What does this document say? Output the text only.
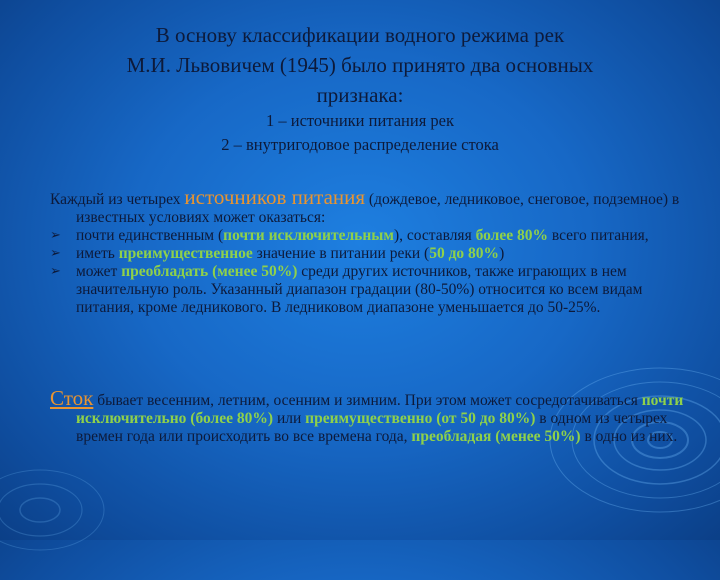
В основу классификации водного режима рек
М.И. Львовичем (1945) было принято два основных
признака:
1 – источники питания рек
2 – внутригодовое распределение стока
Каждый из четырех источников питания (дождевое, ледниковое, снеговое, подземное) в известных условиях может оказаться:
➢ почти единственным (почти исключительным), составляя более 80% всего питания,
➢ иметь преимущественное значение в питании реки (50 до 80%)
➢ может преобладать (менее 50%) среди других источников, также играющих в нем значительную роль. Указанный диапазон градации (80-50%) относится ко всем видам питания, кроме ледникового. В ледниковом диапазоне уменьшается до 50-25%.
Сток бывает весенним, летним, осенним и зимним. При этом может сосредотачиваться почти исключительно (более 80%) или преимущественно (от 50 до 80%) в одном из четырех времен года или происходить во все времена года, преобладая (менее 50%) в одно из них.
